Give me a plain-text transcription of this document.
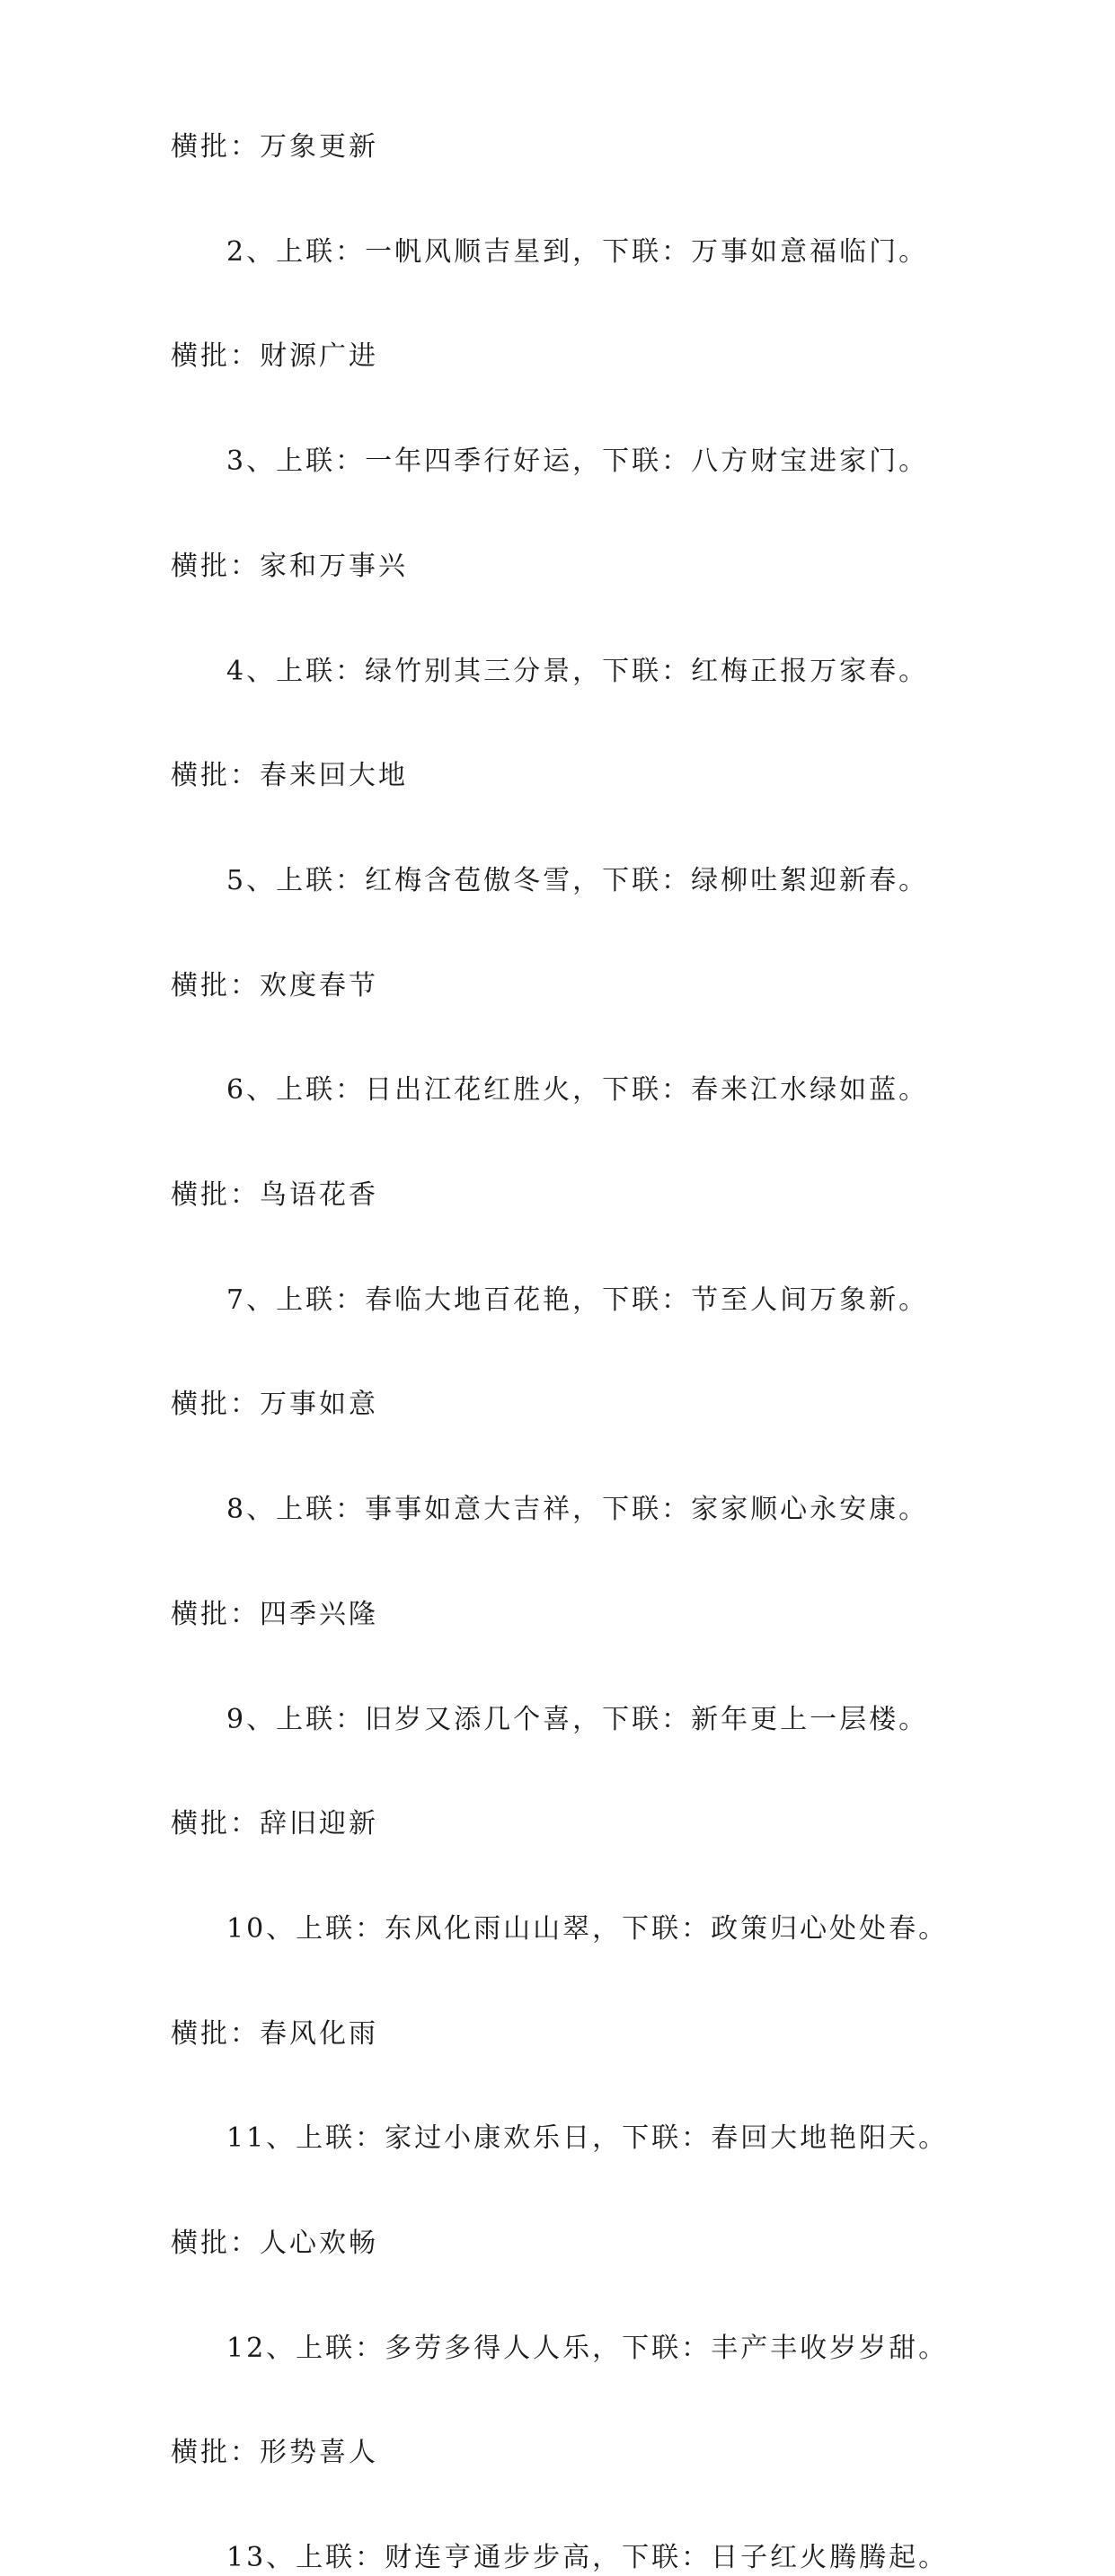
横批：万象更新
2、上联：一帆风顺吉星到，下联：万事如意福临门。
横批：财源广进
3、上联：一年四季行好运，下联：八方财宝进家门。
横批：家和万事兴
4、上联：绿竹别其三分景，下联：红梅正报万家春。
横批：春来回大地
5、上联：红梅含苞傲冬雪，下联：绿柳吐絮迎新春。
横批：欢度春节
6、上联：日出江花红胜火，下联：春来江水绿如蓝。
横批：鸟语花香
7、上联：春临大地百花艳，下联：节至人间万象新。
横批：万事如意
8、上联：事事如意大吉祥，下联：家家顺心永安康。
横批：四季兴隆
9、上联：旧岁又添几个喜，下联：新年更上一层楼。
横批：辞旧迎新
10、上联：东风化雨山山翠，下联：政策归心处处春。
横批：春风化雨
11、上联：家过小康欢乐日，下联：春回大地艳阳天。
横批：人心欢畅
12、上联：多劳多得人人乐，下联：丰产丰收岁岁甜。
横批：形势喜人
13、上联：财连亨通步步高，下联：日子红火腾腾起。
